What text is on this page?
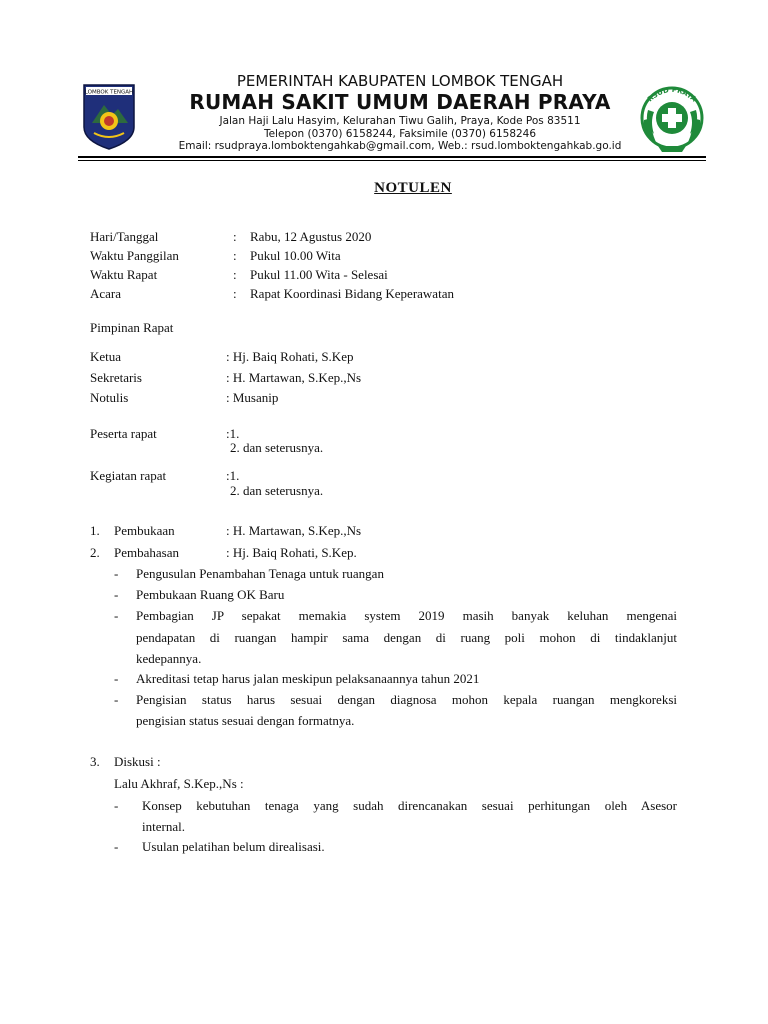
LOMBOK TENGAH
RSUD PRAYA
PEMERINTAH KABUPATEN LOMBOK TENGAH
RUMAH SAKIT UMUM DAERAH PRAYA
Jalan Haji Lalu Hasyim, Kelurahan Tiwu Galih, Praya, Kode Pos 83511
Telepon (0370) 6158244, Faksimile (0370) 6158246
Email: rsudpraya.lomboktengahkab@gmail.com, Web.: rsud.lomboktengahkab.go.id
NOTULEN
Hari/Tanggal	: Rabu, 12 Agustus 2020
Waktu Panggilan	: Pukul 10.00 Wita
Waktu Rapat	: Pukul 11.00 Wita - Selesai
Acara	: Rapat Koordinasi Bidang Keperawatan
Pimpinan Rapat
Ketua	: Hj. Baiq Rohati, S.Kep
Sekretaris	: H. Martawan, S.Kep.,Ns
Notulis	: Musanip
Peserta rapat	:1.
2. dan seterusnya.
Kegiatan rapat	:1.
2. dan seterusnya.
1. Pembukaan	: H. Martawan, S.Kep.,Ns
2. Pembahasan	: Hj. Baiq Rohati, S.Kep.
- Pengusulan Penambahan Tenaga untuk ruangan
- Pembukaan Ruang OK Baru
- Pembagian JP sepakat memakia system 2019 masih banyak keluhan mengenai
pendapatan di ruangan hampir sama dengan di ruang poli mohon di tindaklanjut
kedepannya.
- Akreditasi tetap harus jalan meskipun pelaksanaannya tahun 2021
- Pengisian status harus sesuai dengan diagnosa mohon kepala ruangan mengkoreksi
pengisian status sesuai dengan formatnya.
3. Diskusi :
Lalu Akhraf, S.Kep.,Ns :
- Konsep kebutuhan tenaga yang sudah direncanakan sesuai perhitungan oleh Asesor
internal.
- Usulan pelatihan belum direalisasi.
